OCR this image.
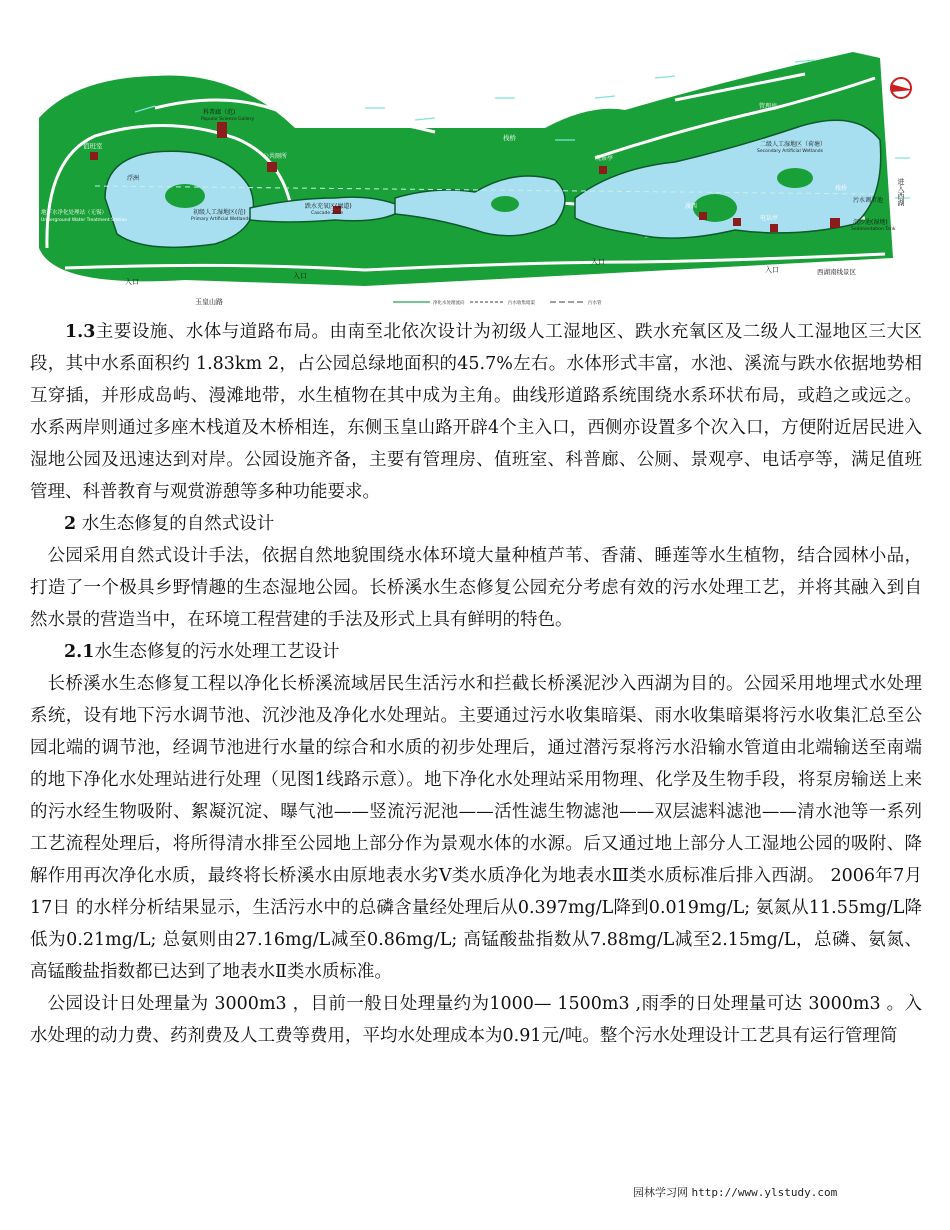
科普廊（范)
Popular Science Gallery
值班室
公共厕所
初级人工湿地区(范)
Primary Artificial Wetlands
浮洲
跌水充氧区(廊道)
Cascade Zone
地下水净化处理站（无锡）
Underground Water Treatment Station
栈桥
观景亭
二级人工湿地区（荷塘）
Secondary Artificial Wetlands
管理房
渡西
电话亭
栈桥
污水调节池
沉沙池(湿地)
Sedimentation Tank
进入西湖
入口
入口
入口
入口
玉皇山路
西湖南线景区
净化水处理流向	污水收集暗渠	污水管

1.3主要设施、水体与道路布局。由南至北依次设计为初级人工湿地区、跌水充氧区及二级人工湿地区三大区段，其中水系面积约 1.83km 2，占公园总绿地面积的45.7%左右。水体形式丰富，水池、溪流与跌水依据地势相互穿插，并形成岛屿、漫滩地带，水生植物在其中成为主角。曲线形道路系统围绕水系环状布局，或趋之或远之。水系两岸则通过多座木栈道及木桥相连，东侧玉皇山路开辟4个主入口，西侧亦设置多个次入口，方便附近居民进入湿地公园及迅速达到对岸。公园设施齐备，主要有管理房、值班室、科普廊、公厕、景观亭、电话亭等，满足值班管理、科普教育与观赏游憩等多种功能要求。

2 水生态修复的自然式设计

公园采用自然式设计手法，依据自然地貌围绕水体环境大量种植芦苇、香蒲、睡莲等水生植物，结合园林小品，打造了一个极具乡野情趣的生态湿地公园。长桥溪水生态修复公园充分考虑有效的污水处理工艺，并将其融入到自然水景的营造当中，在环境工程营建的手法及形式上具有鲜明的特色。

2.1水生态修复的污水处理工艺设计

长桥溪水生态修复工程以净化长桥溪流域居民生活污水和拦截长桥溪泥沙入西湖为目的。公园采用地埋式水处理系统，设有地下污水调节池、沉沙池及净化水处理站。主要通过污水收集暗渠、雨水收集暗渠将污水收集汇总至公园北端的调节池，经调节池进行水量的综合和水质的初步处理后，通过潜污泵将污水沿输水管道由北端输送至南端的地下净化水处理站进行处理（见图1线路示意）。地下净化水处理站采用物理、化学及生物手段，将泵房输送上来的污水经生物吸附、絮凝沉淀、曝气池——竖流污泥池——活性滤生物滤池——双层滤料滤池——清水池等一系列工艺流程处理后，将所得清水排至公园地上部分作为景观水体的水源。后又通过地上部分人工湿地公园的吸附、降解作用再次净化水质，最终将长桥溪水由原地表水劣Ⅴ类水质净化为地表水Ⅲ类水质标准后排入西湖。 2006年7月17日 的水样分析结果显示，生活污水中的总磷含量经处理后从0.397mg/L降到0.019mg/L; 氨氮从11.55mg/L降低为0.21mg/L; 总氨则由27.16mg/L减至0.86mg/L; 高锰酸盐指数从7.88mg/L减至2.15mg/L，总磷、氨氮、高锰酸盐指数都已达到了地表水Ⅱ类水质标准。

公园设计日处理量为 3000m3 ，目前一般日处理量约为1000— 1500m3 ,雨季的日处理量可达 3000m3 。入水处理的动力费、药剂费及人工费等费用，平均水处理成本为0.91元/吨。整个污水处理设计工艺具有运行管理简

园林学习网 http://www.ylstudy.com
